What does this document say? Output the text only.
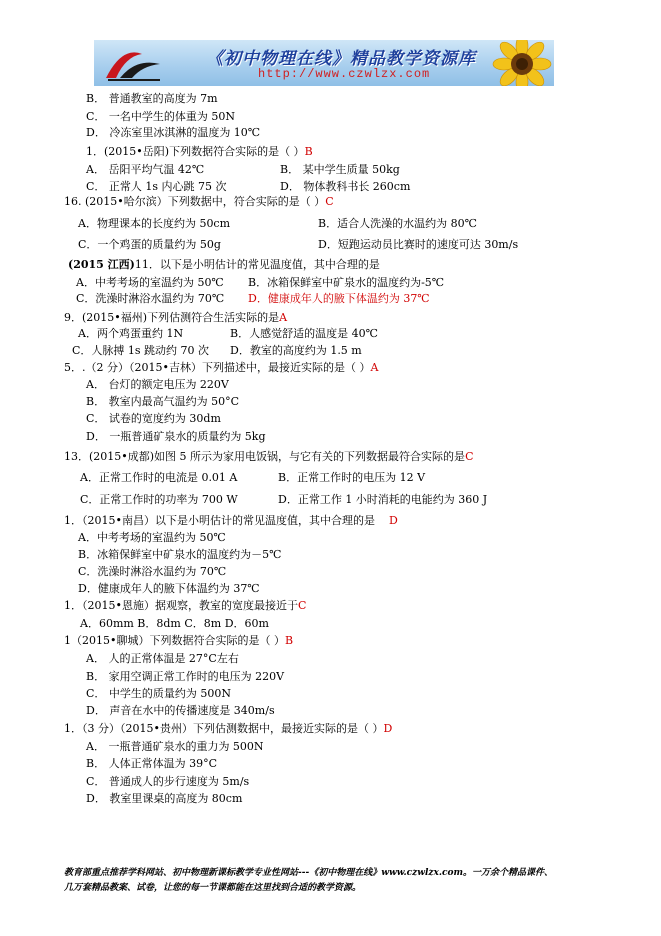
《初中物理在线》精品教学资源库
http://www.czwlzx.com
B． 普通教室的高度为 7m
C． 一名中学生的体重为 50N
D． 冷冻室里冰淇淋的温度为 10℃
1．(2015•岳阳)下列数据符合实际的是（ ）B
A． 岳阳平均气温 42℃	B． 某中学生质量 50kg
C． 正常人 1s 内心跳 75 次	D． 物体教科书长 260cm
16. (2015•哈尔滨）下列数据中，符合实际的是（ ）C
A．物理课本的长度约为 50cm	B．适合人洗澡的水温约为 80℃
C．一个鸡蛋的质量约为 50g	D．短跑运动员比赛时的速度可达 30m/s
(2015 江西)11．以下是小明估计的常见温度值，其中合理的是
A．中考考场的室温约为 50℃ B．冰箱保鲜室中矿泉水的温度约为-5℃
C．洗澡时淋浴水温约为 70℃ D．健康成年人的腋下体温约为 37℃
9．(2015•福州)下列估测符合生活实际的是A
A．两个鸡蛋重约 1N	B．人感觉舒适的温度是 40℃
C．人脉搏 1s 跳动约 70 次 D．教室的高度约为 1.5 m
5．.（2 分）（2015•吉林）下列描述中，最接近实际的是（ ）A
A． 台灯的额定电压为 220V
B． 教室内最高气温约为 50°C
C． 试卷的宽度约为 30dm
D． 一瓶普通矿泉水的质量约为 5kg
13．(2015•成都)如图 5 所示为家用电饭锅，与它有关的下列数据最符合实际的是C
A．正常工作时的电流是 0.01 A	B．正常工作时的电压为 12 V
C．正常工作时的功率为 700 W	D．正常工作 1 小时消耗的电能约为 360 J
1．（2015•南昌）以下是小明估计的常见温度值，其中合理的是 D
A．中考考场的室温约为 50℃
B．冰箱保鲜室中矿泉水的温度约为－5℃
C．洗澡时淋浴水温约为 70℃
D．健康成年人的腋下体温约为 37℃
1．（2015•恩施）据观察，教室的宽度最接近于C
A．60mm B．8dm C．8m D．60m
1（2015•聊城）下列数据符合实际的是（ ）B
A． 人的正常体温是 27°C左右
B． 家用空调正常工作时的电压为 220V
C． 中学生的质量约为 500N
D． 声音在水中的传播速度是 340m/s
1．（3 分）（2015•贵州）下列估测数据中，最接近实际的是（ ）D
A． 一瓶普通矿泉水的重力为 500N
B． 人体正常体温为 39°C
C． 普通成人的步行速度为 5m/s
D． 教室里课桌的高度为 80cm
教育部重点推荐学科网站、初中物理新课标教学专业性网站---《初中物理在线》www.czwlzx.com。一万余个精品课件、
几万套精品教案、试卷，让您的每一节课都能在这里找到合适的教学资源。
